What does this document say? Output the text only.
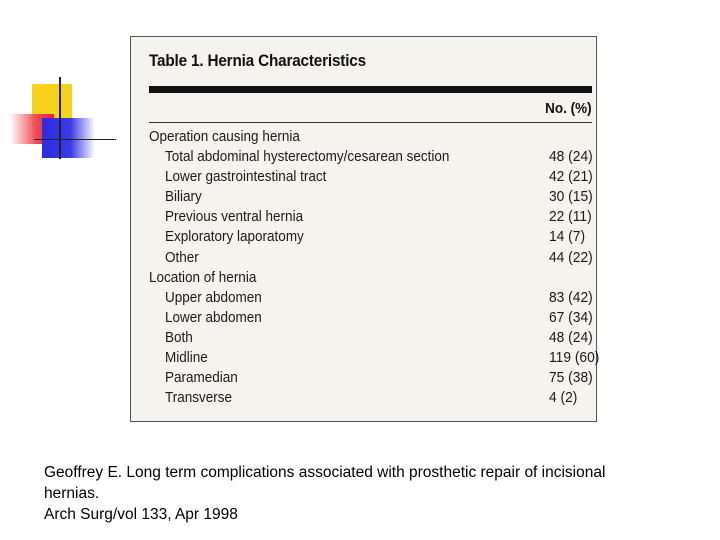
Table 1. Hernia Characteristics
No. (%)
Operation causing hernia
Total abdominal hysterectomy/cesarean section	48 (24)
Lower gastrointestinal tract	42 (21)
Biliary	30 (15)
Previous ventral hernia	22 (11)
Exploratory laporatomy	14 (7)
Other	44 (22)
Location of hernia
Upper abdomen	83 (42)
Lower abdomen	67 (34)
Both	48 (24)
Midline	119 (60)
Paramedian	75 (38)
Transverse	4 (2)
Geoffrey E. Long term complications associated with prosthetic repair of incisional
hernias.
Arch Surg/vol 133, Apr 1998
